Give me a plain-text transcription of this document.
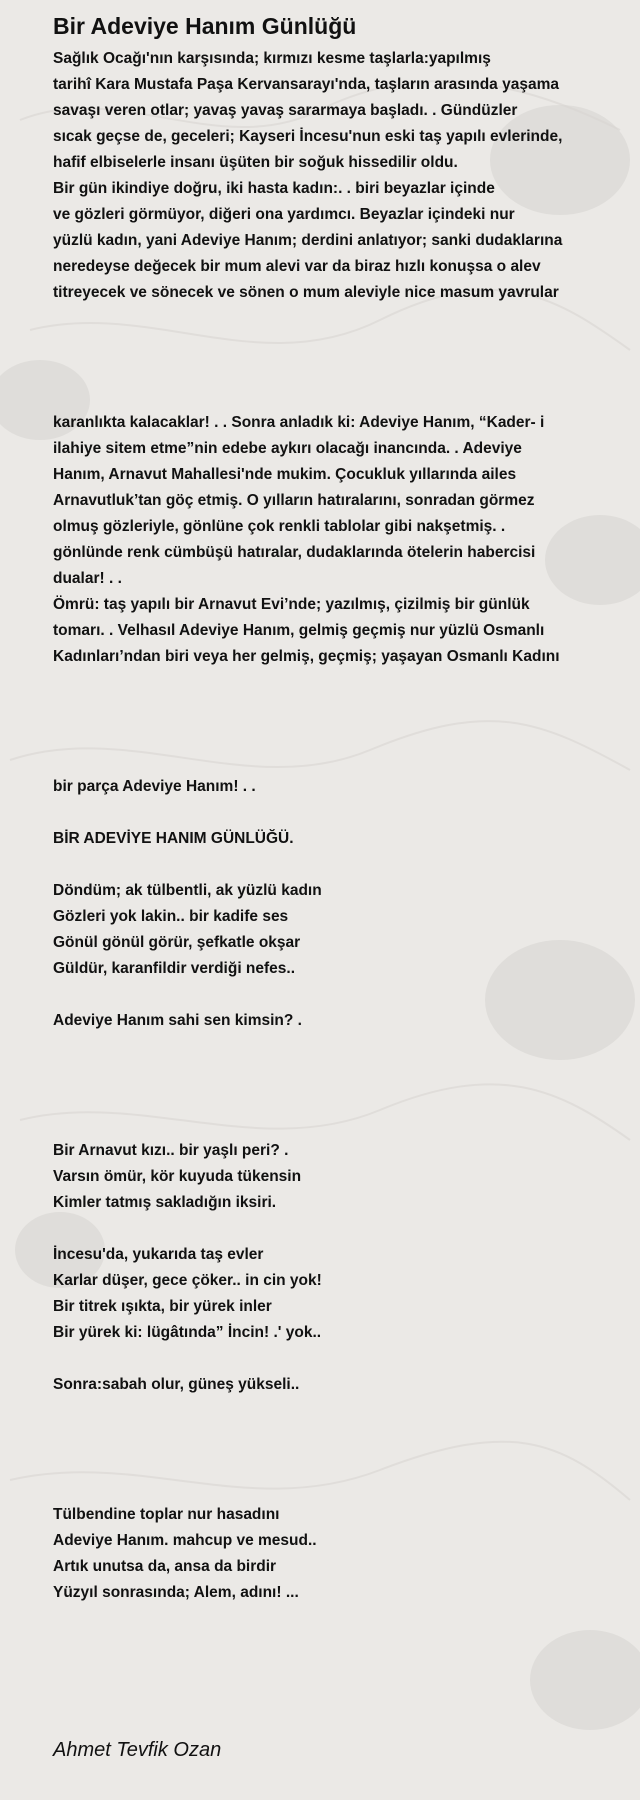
Bir Adeviye Hanım Günlüğü
Sağlık Ocağı'nın karşısında; kırmızı kesme taşlarla:yapılmış
tarihî Kara Mustafa Paşa Kervansarayı'nda, taşların arasında yaşama
savaşı veren otlar; yavaş yavaş sararmaya başladı. . Gündüzler
sıcak geçse de, geceleri; Kayseri İncesu'nun eski taş yapılı evlerinde,
hafif elbiselerle insanı üşüten bir soğuk hissedilir oldu.
Bir gün ikindiye doğru, iki hasta kadın:. . biri beyazlar içinde
ve gözleri görmüyor, diğeri ona yardımcı. Beyazlar içindeki nur
yüzlü kadın, yani Adeviye Hanım; derdini anlatıyor; sanki dudaklarına
neredeyse değecek bir mum alevi var da biraz hızlı konuşsa o alev
titreyecek ve sönecek ve sönen o mum aleviyle nice masum yavrular
karanlıkta kalacaklar! . . Sonra anladık ki: Adeviye Hanım, “Kader- i
ilahiye sitem etme”nin edebe aykırı olacağı inancında. . Adeviye
Hanım, Arnavut Mahallesi'nde mukim. Çocukluk yıllarında ailes
Arnavutluk’tan göç etmiş. O yılların hatıralarını, sonradan görmez
olmuş gözleriyle, gönlüne çok renkli tablolar gibi nakşetmiş. .
gönlünde renk cümbüşü hatıralar, dudaklarında ötelerin habercisi
dualar! . .
Ömrü: taş yapılı bir Arnavut Evi’nde; yazılmış, çizilmiş bir günlük
tomarı. . Velhasıl Adeviye Hanım, gelmiş geçmiş nur yüzlü Osmanlı
Kadınları’ndan biri veya her gelmiş, geçmiş; yaşayan Osmanlı Kadını
bir parça Adeviye Hanım! . .
BİR ADEVİYE HANIM GÜNLÜĞÜ.
Döndüm; ak tülbentli, ak yüzlü kadın
Gözleri yok lakin.. bir kadife ses
Gönül gönül görür, şefkatle okşar
Güldür, karanfildir verdiği nefes..
Adeviye Hanım sahi sen kimsin? .
Bir Arnavut kızı.. bir yaşlı peri? .
Varsın ömür, kör kuyuda tükensin
Kimler tatmış sakladığın iksiri.
İncesu'da, yukarıda taş evler
Karlar düşer, gece çöker.. in cin yok!
Bir titrek ışıkta, bir yürek inler
Bir yürek ki: lügâtında” İncin! .' yok..
Sonra:sabah olur, güneş yükseli..
Tülbendine toplar nur hasadını
Adeviye Hanım. mahcup ve mesud..
Artık unutsa da, ansa da birdir
Yüzyıl sonrasında; Alem, adını! ...
Ahmet Tevfik Ozan
